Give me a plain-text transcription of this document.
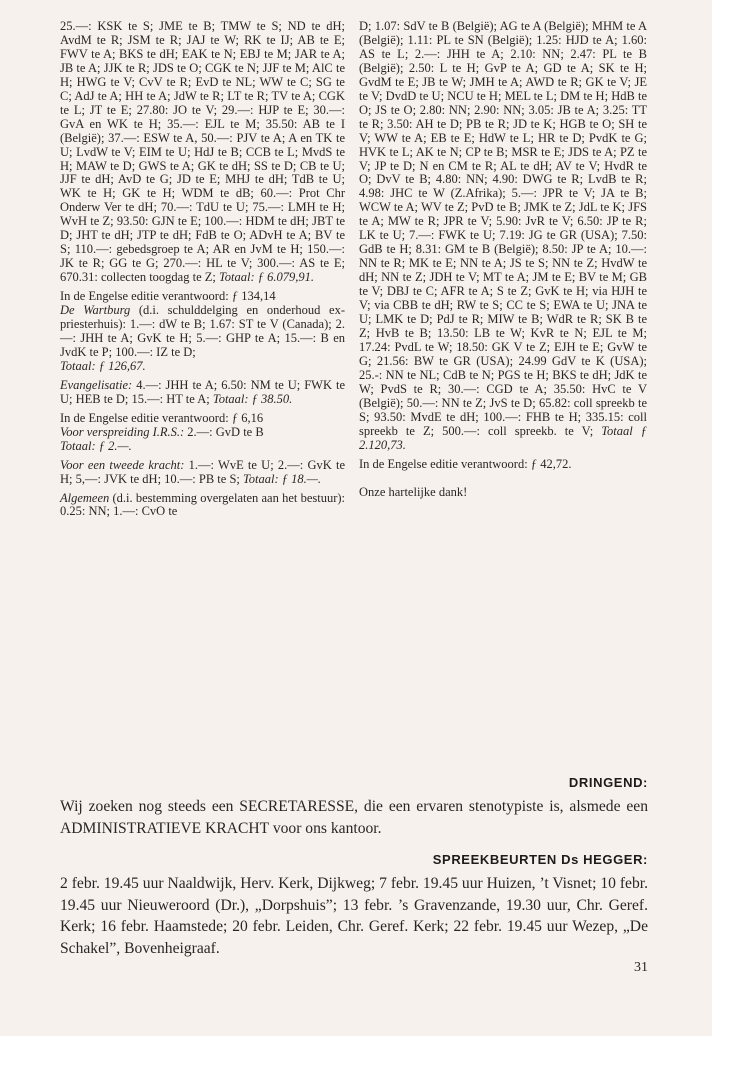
25.—: KSK te S; JME te B; TMW te S; ND te dH; AvdM te R; JSM te R; JAJ te W; RK te IJ; AB te E; FWV te A; BKS te dH; EAK te N; EBJ te M; JAR te A; JB te A; JJK te R; JDS te O; CGK te N; JJF te M; AlC te H; HWG te V; CvV te R; EvD te NL; WW te C; SG te C; AdJ te A; HH te A; JdW te R; LT te R; TV te A; CGK te L; JT te E; 27.80: JO te V; 29.—: HJP te E; 30.—: GvA en WK te H; 35.—: EJL te M; 35.50: AB te I (België); 37.—: ESW te A, 50.—: PJV te A; A en TK te U; LvdW te V; EIM te U; HdJ te B; CCB te L; MvdS te H; MAW te D; GWS te A; GK te dH; SS te D; CB te U; JJF te dH; AvD te G; JD te E; MHJ te dH; TdB te U; WK te H; GK te H; WDM te dB; 60.—: Prot Chr Onderw Ver te dH; 70.—: TdU te U; 75.—: LMH te H; WvH te Z; 93.50: GJN te E; 100.—: HDM te dH; JBT te D; JHT te dH; JTP te dH; FdB te O; ADvH te A; BV te S; 110.—: gebedsgroep te A; AR en JvM te H; 150.—: JK te R; GG te G; 270.—: HL te V; 300.—: AS te E; 670.31: collecten toogdag te Z; Totaal: ƒ 6.079,91.

In de Engelse editie verantwoord: ƒ 134,14

De Wartburg (d.i. schulddelging en onderhoud ex-priesterhuis): 1.—: dW te B; 1.67: ST te V (Canada); 2.—: JHH te A; GvK te H; 5.—: GHP te A; 15.—: B en JvdK te P; 100.—: IZ te D;
Totaal: ƒ 126,67.

Evangelisatie: 4.—: JHH te A; 6.50: NM te U; FWK te U; HEB te D; 15.—: HT te A; Totaal: ƒ 38.50.

In de Engelse editie verantwoord: ƒ 6,16

Voor verspreiding I.R.S.: 2.—: GvD te B
Totaal: ƒ 2.—.

Voor een tweede kracht: 1.—: WvE te U; 2.—: GvK te H; 5,—: JVK te dH; 10.—: PB te S; Totaal: ƒ 18.—.

Algemeen (d.i. bestemming overgelaten aan het bestuur): 0.25: NN; 1.—: CvO te

D; 1.07: SdV te B (België); AG te A (België); MHM te A (België); 1.11: PL te SN (België); 1.25: HJD te A; 1.60: AS te L; 2.—: JHH te A; 2.10: NN; 2.47: PL te B (België); 2.50: L te H; GvP te A; GD te A; SK te H; GvdM te E; JB te W; JMH te A; AWD te R; GK te V; JE te V; DvdD te U; NCU te H; MEL te L; DM te H; HdB te O; JS te O; 2.80: NN; 2.90: NN; 3.05: JB te A; 3.25: TT te R; 3.50: AH te D; PB te R; JD te K; HGB te O; SH te V; WW te A; EB te E; HdW te L; HR te D; PvdK te G; HVK te L; AK te N; CP te B; MSR te E; JDS te A; PZ te V; JP te D; N en CM te R; AL te dH; AV te V; HvdR te O; DvV te B; 4.80: NN; 4.90: DWG te R; LvdB te R; 4.98: JHC te W (Z.Afrika); 5.—: JPR te V; JA te B; WCW te A; WV te Z; PvD te B; JMK te Z; JdL te K; JFS te A; MW te R; JPR te V; 5.90: JvR te V; 6.50: JP te R; LK te U; 7.—: FWK te U; 7.19: JG te GR (USA); 7.50: GdB te H; 8.31: GM te B (België); 8.50: JP te A; 10.—: NN te R; MK te E; NN te A; JS te S; NN te Z; HvdW te dH; NN te Z; JDH te V; MT te A; JM te E; BV te M; GB te V; DBJ te C; AFR te A; S te Z; GvK te H; via HJH te V; via CBB te dH; RW te S; CC te S; EWA te U; JNA te U; LMK te D; PdJ te R; MIW te B; WdR te R; SK B te Z; HvB te B; 13.50: LB te W; KvR te N; EJL te M; 17.24: PvdL te W; 18.50: GK V te Z; EJH te E; GvW te G; 21.56: BW te GR (USA); 24.99 GdV te K (USA); 25.-: NN te NL; CdB te N; PGS te H; BKS te dH; JdK te W; PvdS te R; 30.—: CGD te A; 35.50: HvC te V (België); 50.—: NN te Z; JvS te D; 65.82: coll spreekb te S; 93.50: MvdE te dH; 100.—: FHB te H; 335.15: coll spreekb te Z; 500.—: coll spreekb. te V; Totaal ƒ 2.120,73.

In de Engelse editie verantwoord: ƒ 42,72.

Onze hartelijke dank!

DRINGEND:
Wij zoeken nog steeds een SECRETARESSE, die een ervaren stenotypiste is, alsmede een ADMINISTRATIEVE KRACHT voor ons kantoor.
SPREEKBEURTEN Ds HEGGER:
2 febr. 19.45 uur Naaldwijk, Herv. Kerk, Dijkweg; 7 febr. 19.45 uur Huizen, ’t Visnet; 10 febr. 19.45 uur Nieuweroord (Dr.), „Dorpshuis”; 13 febr. ’s Gravenzande, 19.30 uur, Chr. Geref. Kerk; 16 febr. Haamstede; 20 febr. Leiden, Chr. Geref. Kerk; 22 febr. 19.45 uur Wezep, „De Schakel”, Bovenheigraaf.
31
